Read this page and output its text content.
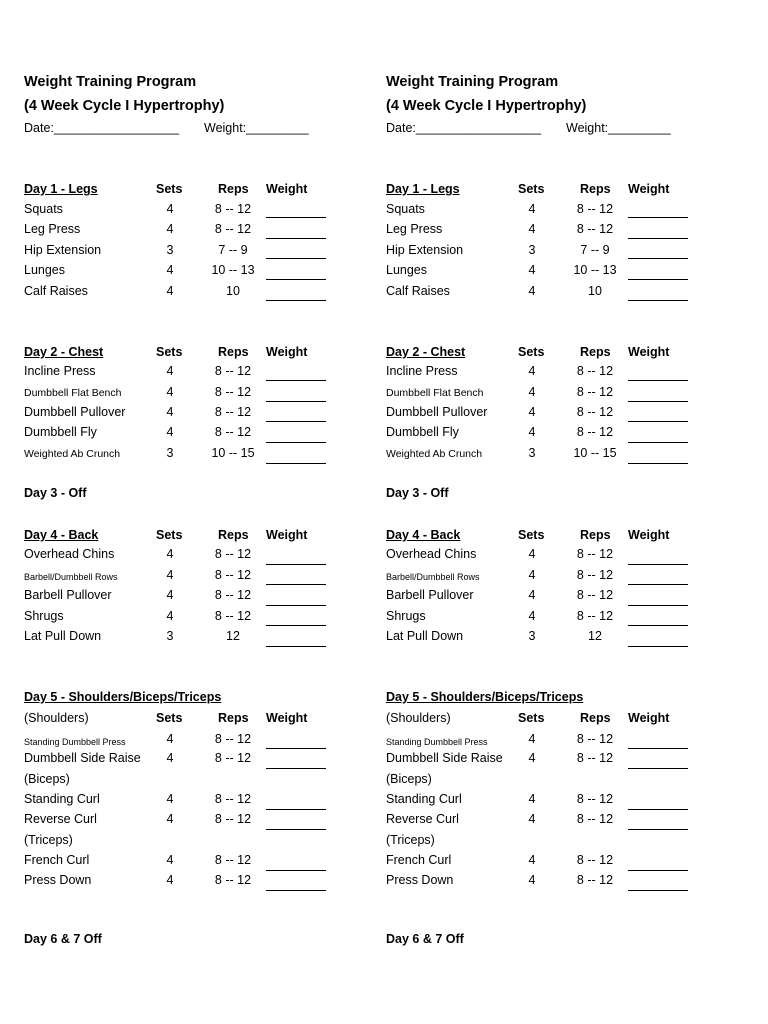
Weight Training Program
(4 Week Cycle I Hypertrophy)
Date:__________________ Weight:_________
Day 1 - Legs	Sets	Reps Weight
Squats	4	8 -- 12
Leg Press	4	8 -- 12
Hip Extension	3	7 -- 9
Lunges	4	10 -- 13
Calf Raises	4	10
Day 2 - Chest	Sets	Reps Weight
Incline Press	4	8 -- 12
Dumbbell Flat Bench	4	8 -- 12
Dumbbell Pullover	4	8 -- 12
Dumbbell Fly	4	8 -- 12
Weighted Ab Crunch	3	10 -- 15
Day 3 - Off
Day 4 - Back	Sets	Reps Weight
Overhead Chins	4	8 -- 12
Barbell/Dumbbell Rows	4	8 -- 12
Barbell Pullover	4	8 -- 12
Shrugs	4	8 -- 12
Lat Pull Down	3	12
Day 5 - Shoulders/Biceps/Triceps
(Shoulders)	Sets	Reps Weight
Standing Dumbbell Press	4	8 -- 12
Dumbbell Side Raise	4	8 -- 12
(Biceps)
Standing Curl	4	8 -- 12
Reverse Curl	4	8 -- 12
(Triceps)
French Curl	4	8 -- 12
Press Down	4	8 -- 12
Day 6 & 7 Off
Weight Training Program
(4 Week Cycle I Hypertrophy)
Date:__________________ Weight:_________
Day 1 - Legs	Sets	Reps Weight
Squats	4	8 -- 12
Leg Press	4	8 -- 12
Hip Extension	3	7 -- 9
Lunges	4	10 -- 13
Calf Raises	4	10
Day 2 - Chest	Sets	Reps Weight
Incline Press	4	8 -- 12
Dumbbell Flat Bench	4	8 -- 12
Dumbbell Pullover	4	8 -- 12
Dumbbell Fly	4	8 -- 12
Weighted Ab Crunch	3	10 -- 15
Day 3 - Off
Day 4 - Back	Sets	Reps Weight
Overhead Chins	4	8 -- 12
Barbell/Dumbbell Rows	4	8 -- 12
Barbell Pullover	4	8 -- 12
Shrugs	4	8 -- 12
Lat Pull Down	3	12
Day 5 - Shoulders/Biceps/Triceps
(Shoulders)	Sets	Reps Weight
Standing Dumbbell Press	4	8 -- 12
Dumbbell Side Raise	4	8 -- 12
(Biceps)
Standing Curl	4	8 -- 12
Reverse Curl	4	8 -- 12
(Triceps)
French Curl	4	8 -- 12
Press Down	4	8 -- 12
Day 6 & 7 Off
